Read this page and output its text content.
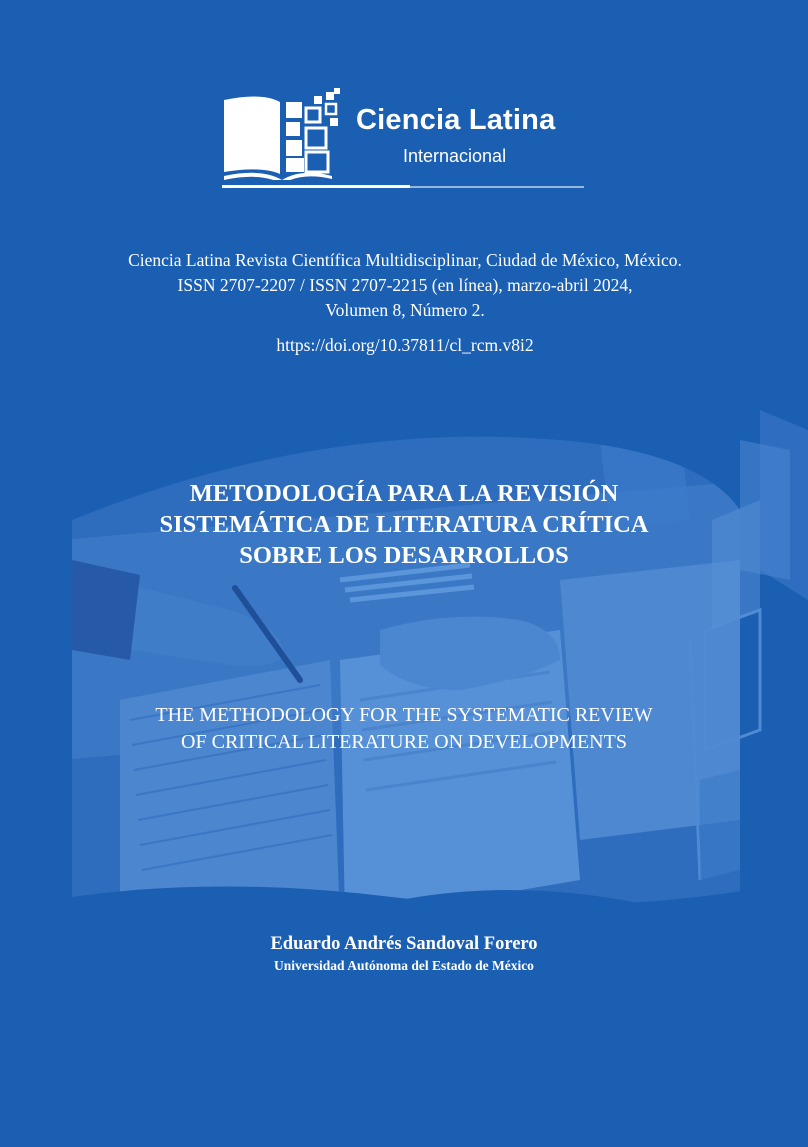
Ciencia Latina
Internacional
Ciencia Latina Revista Científica Multidisciplinar, Ciudad de México, México.
ISSN 2707-2207 / ISSN 2707-2215 (en línea), marzo-abril 2024,
Volumen 8, Número 2.
https://doi.org/10.37811/cl_rcm.v8i2
METODOLOGÍA PARA LA REVISIÓN
SISTEMÁTICA DE LITERATURA CRÍTICA
SOBRE LOS DESARROLLOS
THE METHODOLOGY FOR THE SYSTEMATIC REVIEW
OF CRITICAL LITERATURE ON DEVELOPMENTS
Eduardo Andrés Sandoval Forero
Universidad Autónoma del Estado de México
